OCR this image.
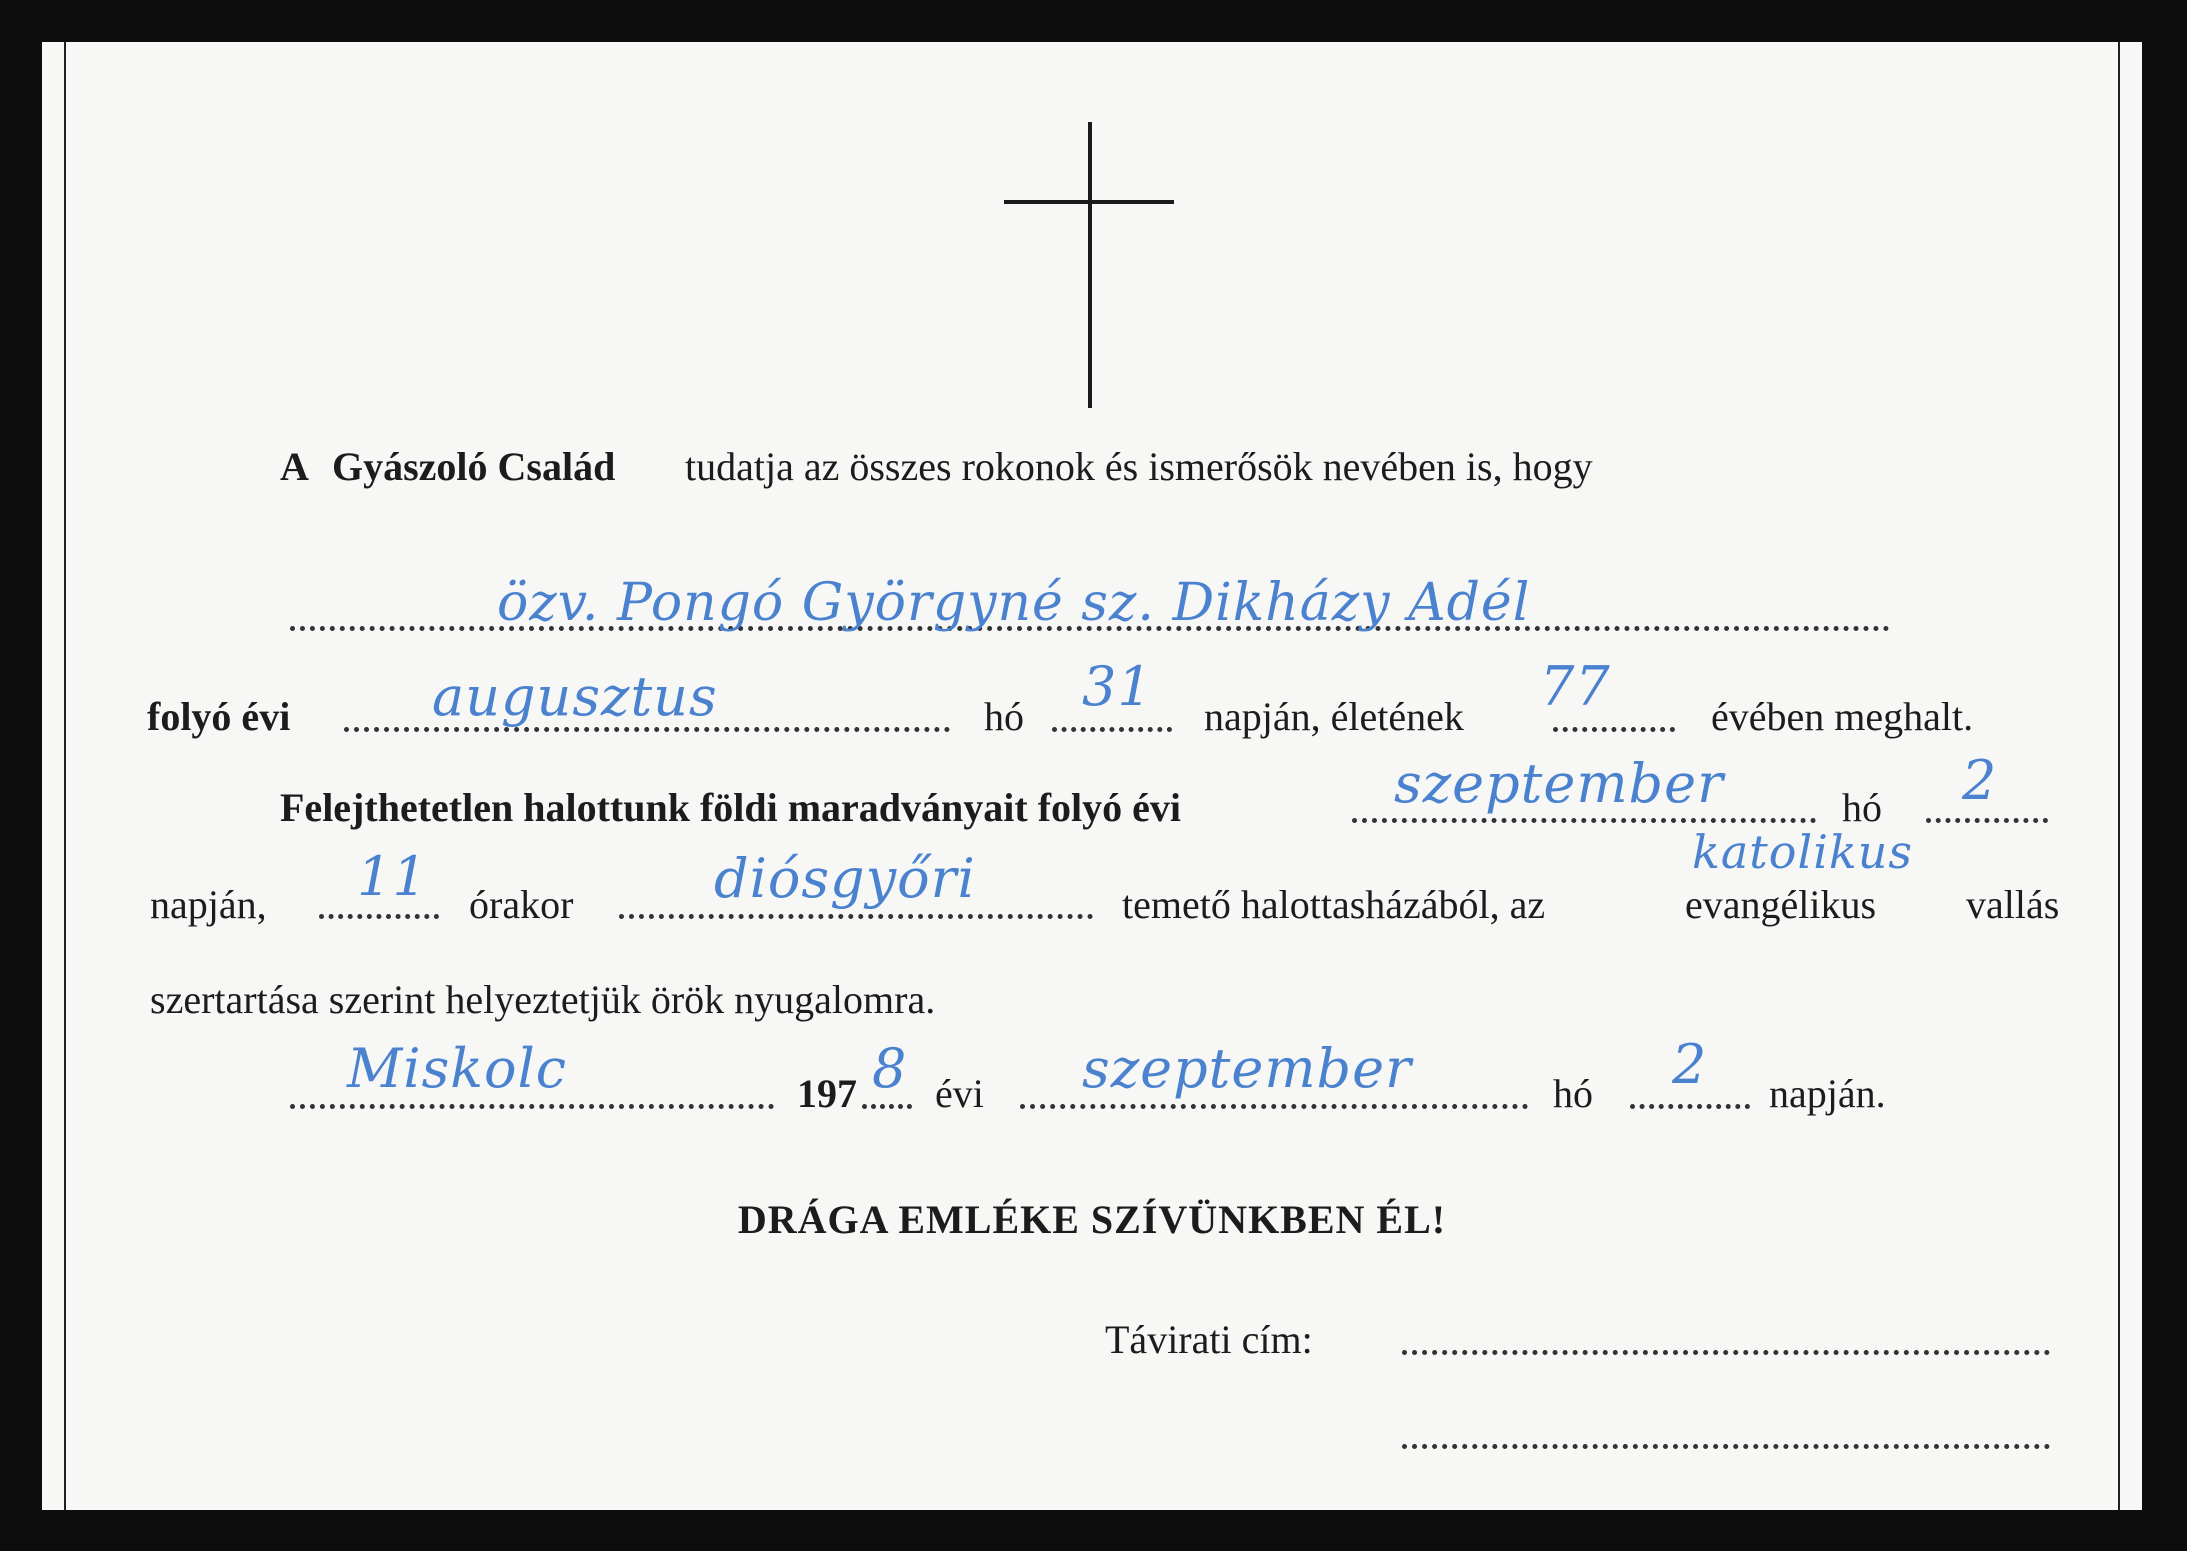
A Gyászoló Család tudatja az összes rokonok és ismerősök nevében is, hogy
özv. Pongó Györgyné sz. Dikházy Adél
folyó évi	hó	napján, életének	évében meghalt.
augusztus	31	77
Felejthetetlen halottunk földi maradványait folyó évi	hó
szeptember	2
napján,	órakor	temető halottasházából, az	evangélikus vallás
11	diósgyőri	katolikus
szertartása szerint helyeztetjük örök nyugalomra.
197 évi	hó	napján.
Miskolc	8	szeptember	2
DRÁGA EMLÉKE SZÍVÜNKBEN ÉL!
Távirati cím:
